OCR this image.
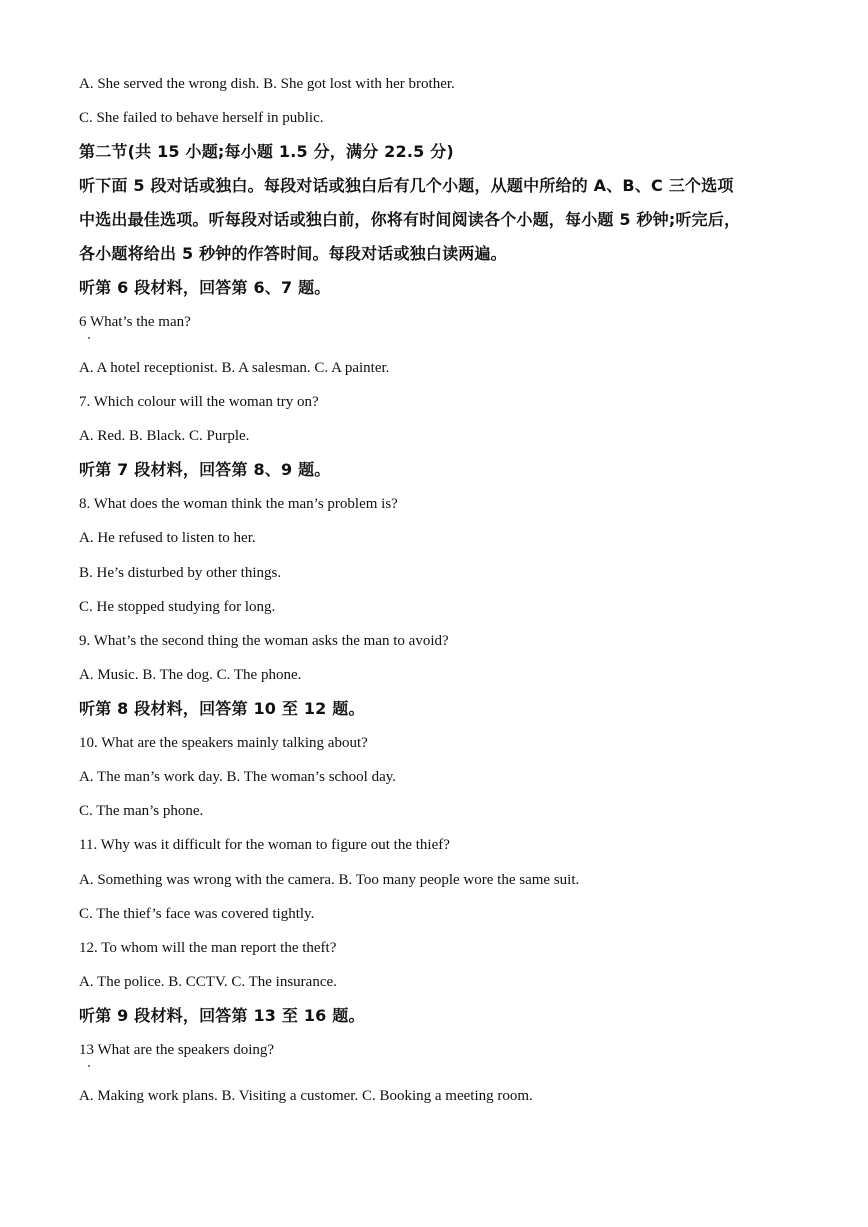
A. She served the wrong dish. B. She got lost with her brother.
C. She failed to behave herself in public.
第二节(共 15 小题;每小题 1.5 分，满分 22.5 分)
听下面 5 段对话或独白。每段对话或独白后有几个小题，从题中所给的 A、B、C 三个选项
中选出最佳选项。听每段对话或独白前，你将有时间阅读各个小题，每小题 5 秒钟;听完后，
各小题将给出 5 秒钟的作答时间。每段对话或独白读两遍。
听第 6 段材料，回答第 6、7 题。
6 What’s the man?
A. A hotel receptionist. B. A salesman. C. A painter.
7. Which colour will the woman try on?
A. Red. B. Black. C. Purple.
听第 7 段材料，回答第 8、9 题。
8. What does the woman think the man’s problem is?
A. He refused to listen to her.
B. He’s disturbed by other things.
C. He stopped studying for long.
9. What’s the second thing the woman asks the man to avoid?
A. Music. B. The dog. C. The phone.
听第 8 段材料，回答第 10 至 12 题。
10. What are the speakers mainly talking about?
A. The man’s work day. B. The woman’s school day.
C. The man’s phone.
11. Why was it difficult for the woman to figure out the thief?
A. Something was wrong with the camera. B. Too many people wore the same suit.
C. The thief’s face was covered tightly.
12. To whom will the man report the theft?
A. The police. B. CCTV. C. The insurance.
听第 9 段材料，回答第 13 至 16 题。
13 What are the speakers doing?
A. Making work plans. B. Visiting a customer. C. Booking a meeting room.
